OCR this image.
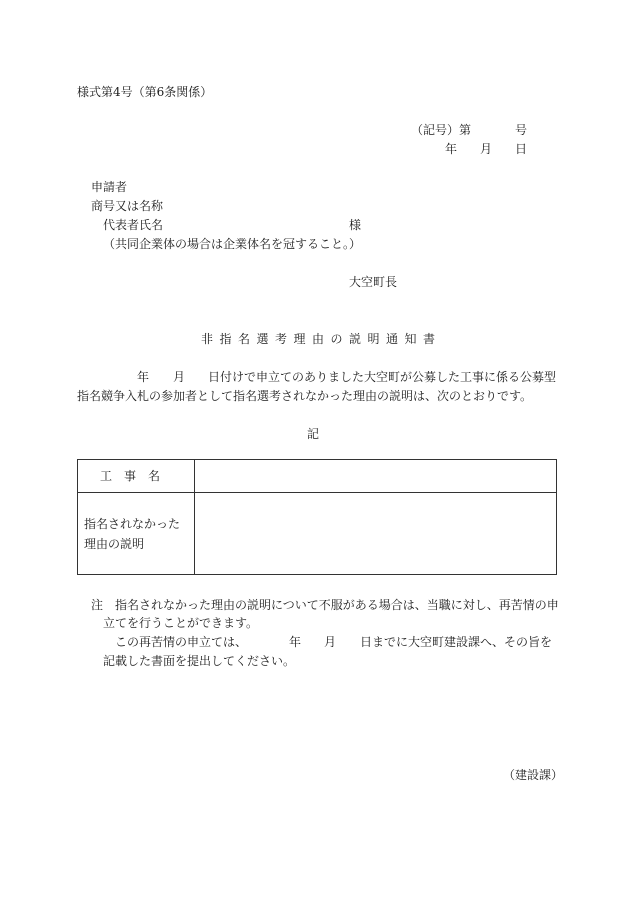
様式第4号（第6条関係）
（記号）第	号
年 月 日
申請者
商号又は名称
代表者氏名	様
（共同企業体の場合は企業体名を冠すること。）
大空町長
非指名選考理由の説明通知書
年 月 日付けで申立てのありました大空町が公募した工事に係る公募型
指名競争入札の参加者として指名選考されなかった理由の説明は、次のとおりです。
記
工事名	

指名されなかった
理由の説明	

注 指名されなかった理由の説明について不服がある場合は、当職に対し、再苦情の申
立てを行うことができます。
この再苦情の申立ては、	年 月 日までに大空町建設課へ、その旨を
記載した書面を提出してください。
（建設課）
